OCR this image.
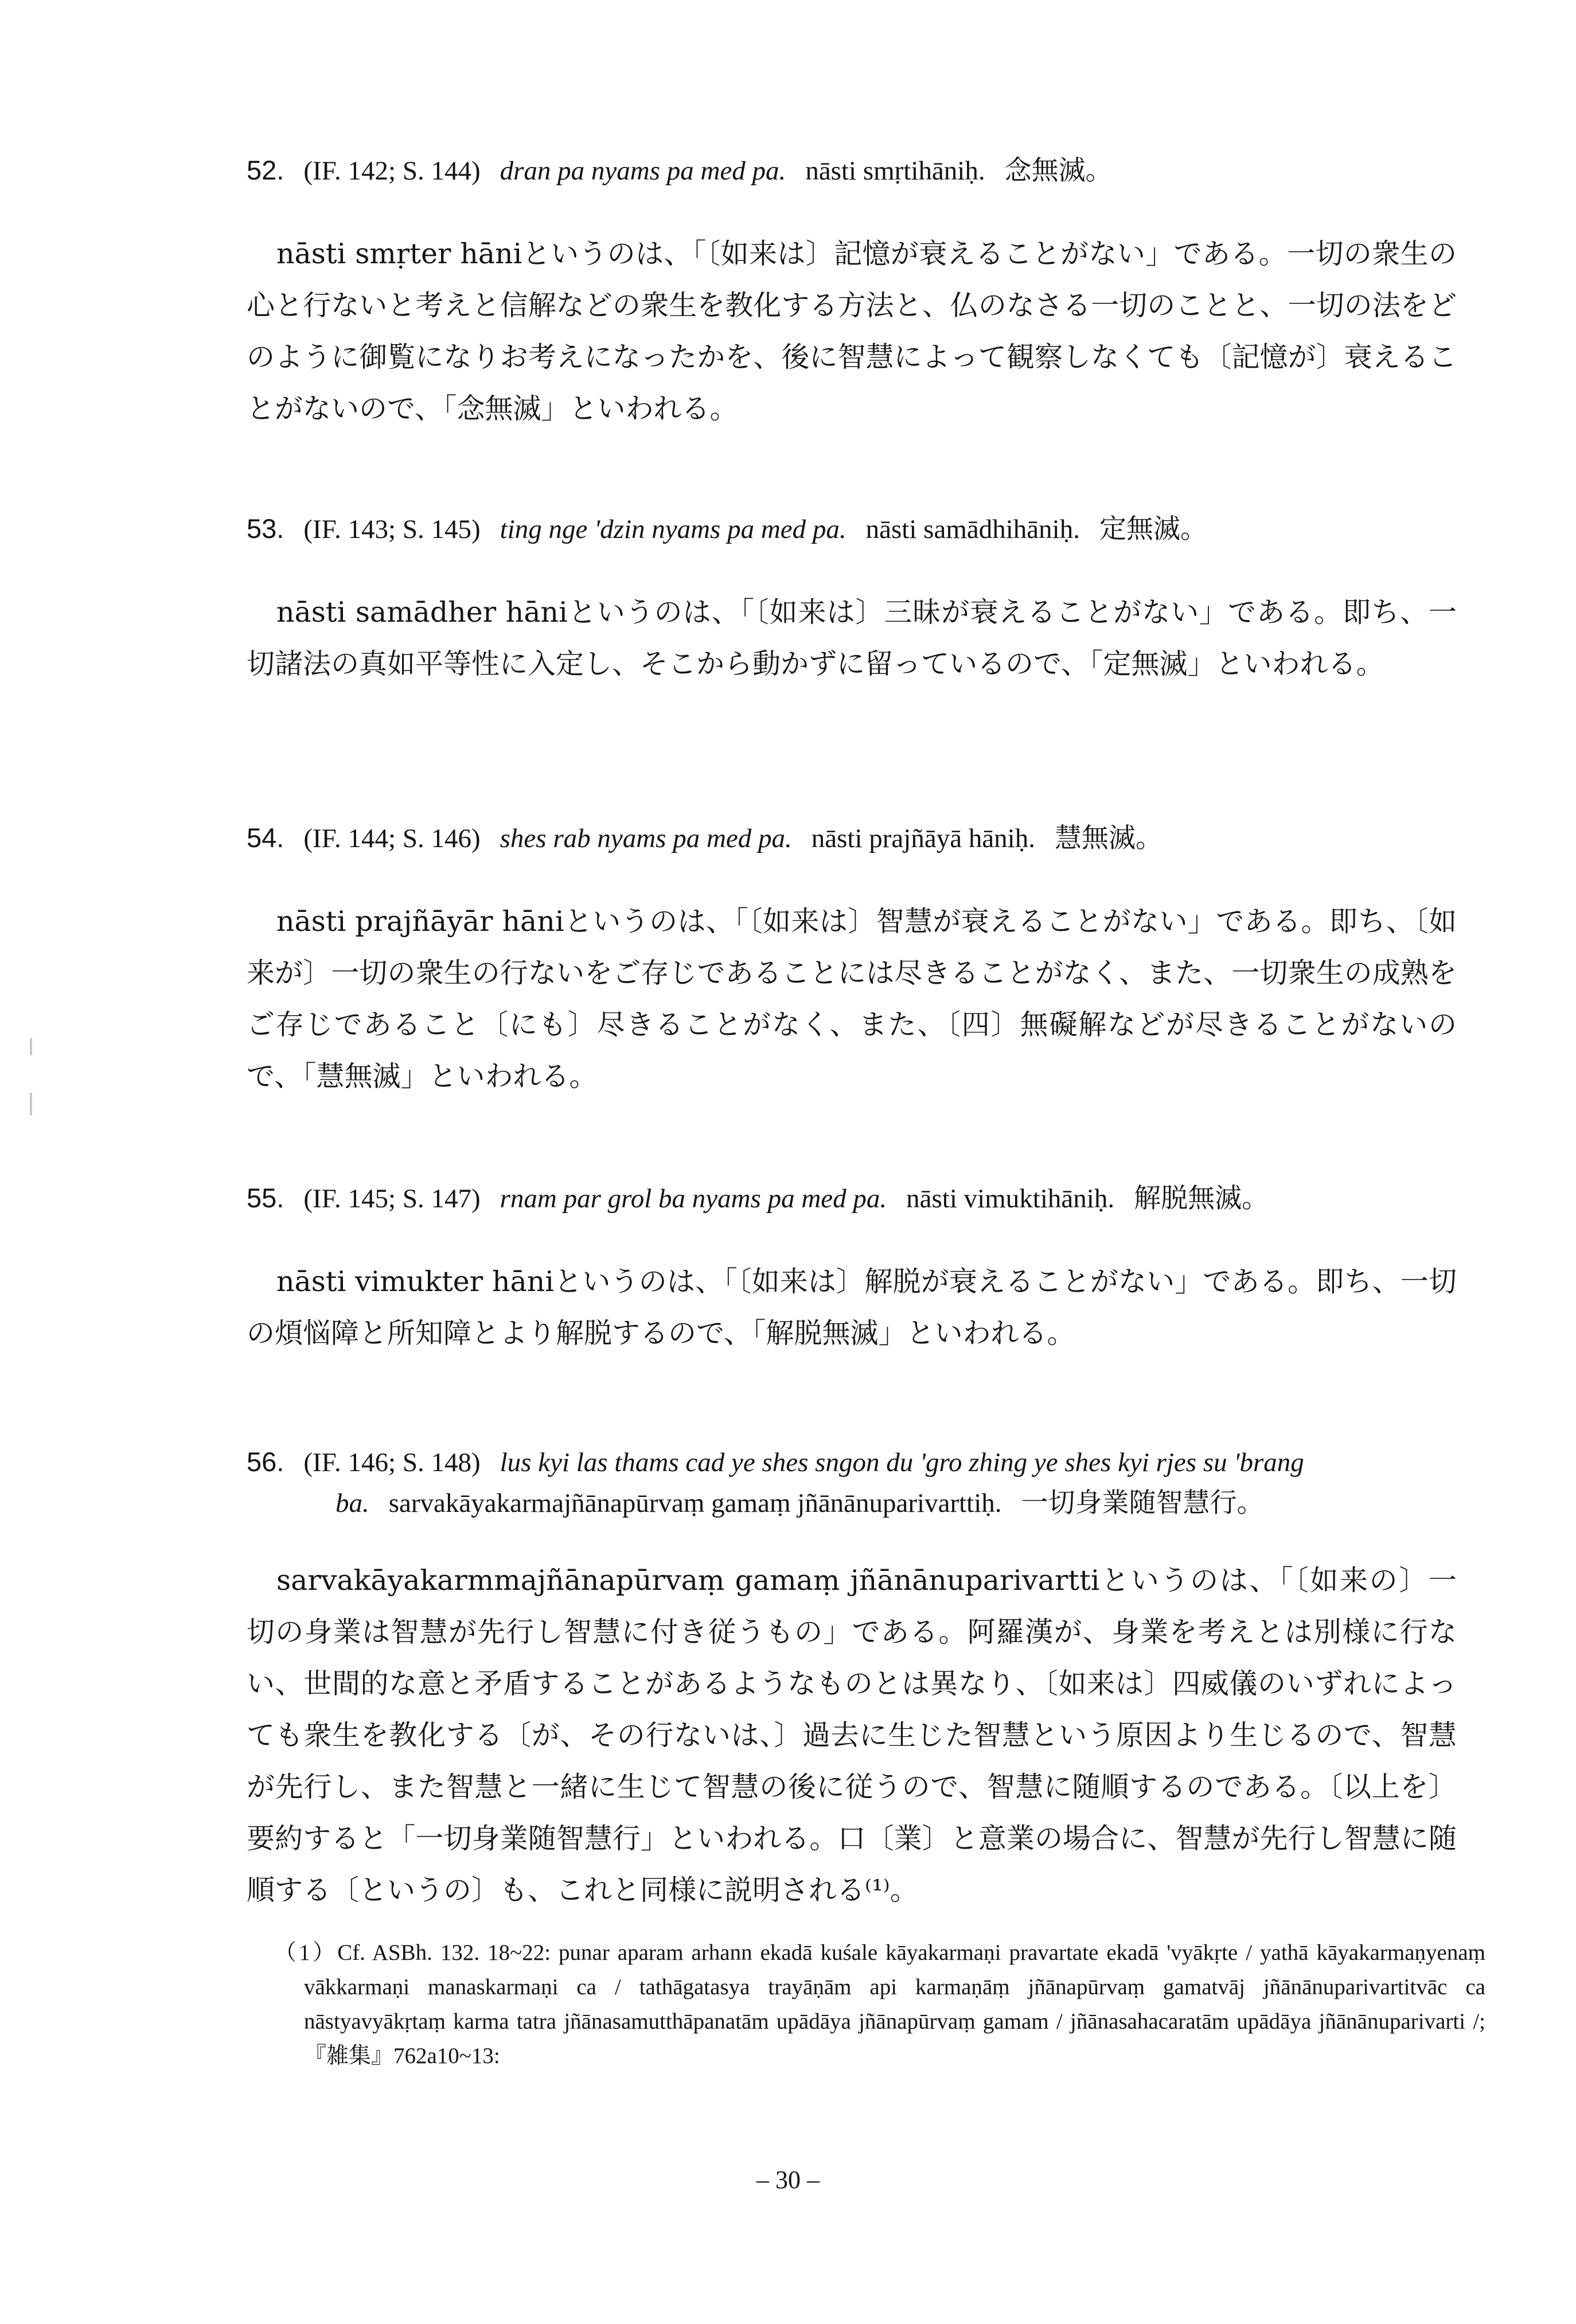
52. (IF. 142; S. 144) dran pa nyams pa med pa. nāsti smṛtihāniḥ. 念無滅。
nāsti smṛter hāniというのは、「〔如来は〕記憶が衰えることがない」である。一切の衆生の心と行ないと考えと信解などの衆生を教化する方法と、仏のなさる一切のことと、一切の法をどのように御覧になりお考えになったかを、後に智慧によって観察しなくても〔記憶が〕衰えることがないので、「念無滅」といわれる。
53. (IF. 143; S. 145) ting nge 'dzin nyams pa med pa. nāsti samādhihāniḥ. 定無滅。
nāsti samādher hāniというのは、「〔如来は〕三昧が衰えることがない」である。即ち、一切諸法の真如平等性に入定し、そこから動かずに留っているので、「定無滅」といわれる。
54. (IF. 144; S. 146) shes rab nyams pa med pa. nāsti prajñāyā hāniḥ. 慧無滅。
nāsti prajñāyār hāniというのは、「〔如来は〕智慧が衰えることがない」である。即ち、〔如来が〕一切の衆生の行ないをご存じであることには尽きることがなく、また、一切衆生の成熟をご存じであること〔にも〕尽きることがなく、また、〔四〕無礙解などが尽きることがないので、「慧無滅」といわれる。
55. (IF. 145; S. 147) rnam par grol ba nyams pa med pa. nāsti vimuktihāniḥ. 解脱無滅。
nāsti vimukter hāniというのは、「〔如来は〕解脱が衰えることがない」である。即ち、一切の煩悩障と所知障とより解脱するので、「解脱無滅」といわれる。
56. (IF. 146; S. 148) lus kyi las thams cad ye shes sngon du 'gro zhing ye shes kyi rjes su 'brang
ba. sarvakāyakarmajñānapūrvaṃ gamaṃ jñānānuparivarttiḥ. 一切身業随智慧行。
sarvakāyakarmmajñānapūrvaṃ gamaṃ jñānānuparivarttiというのは、「〔如来の〕一切の身業は智慧が先行し智慧に付き従うもの」である。阿羅漢が、身業を考えとは別様に行ない、世間的な意と矛盾することがあるようなものとは異なり、〔如来は〕四威儀のいずれによっても衆生を教化する〔が、その行ないは、〕過去に生じた智慧という原因より生じるので、智慧が先行し、また智慧と一緒に生じて智慧の後に従うので、智慧に随順するのである。〔以上を〕要約すると「一切身業随智慧行」といわれる。口〔業〕と意業の場合に、智慧が先行し智慧に随順する〔というの〕も、これと同様に説明される⁽¹⁾。
（1）Cf. ASBh. 132. 18~22: punar aparam arhann ekadā kuśale kāyakarmaṇi pravartate ekadā 'vyākṛte / yathā kāyakarmaṇyenaṃ vākkarmaṇi manaskarmaṇi ca / tathāgatasya trayāṇām api karmaṇāṃ jñānapūrvaṃ gamatvāj jñānānuparivartitvāc ca nāstyavyākṛtaṃ karma tatra jñānasamutthāpanatām upādāya jñānapūrvaṃ gamam / jñānasahacaratām upādāya jñānānuparivarti /;『雑集』762a10~13:
– 30 –
